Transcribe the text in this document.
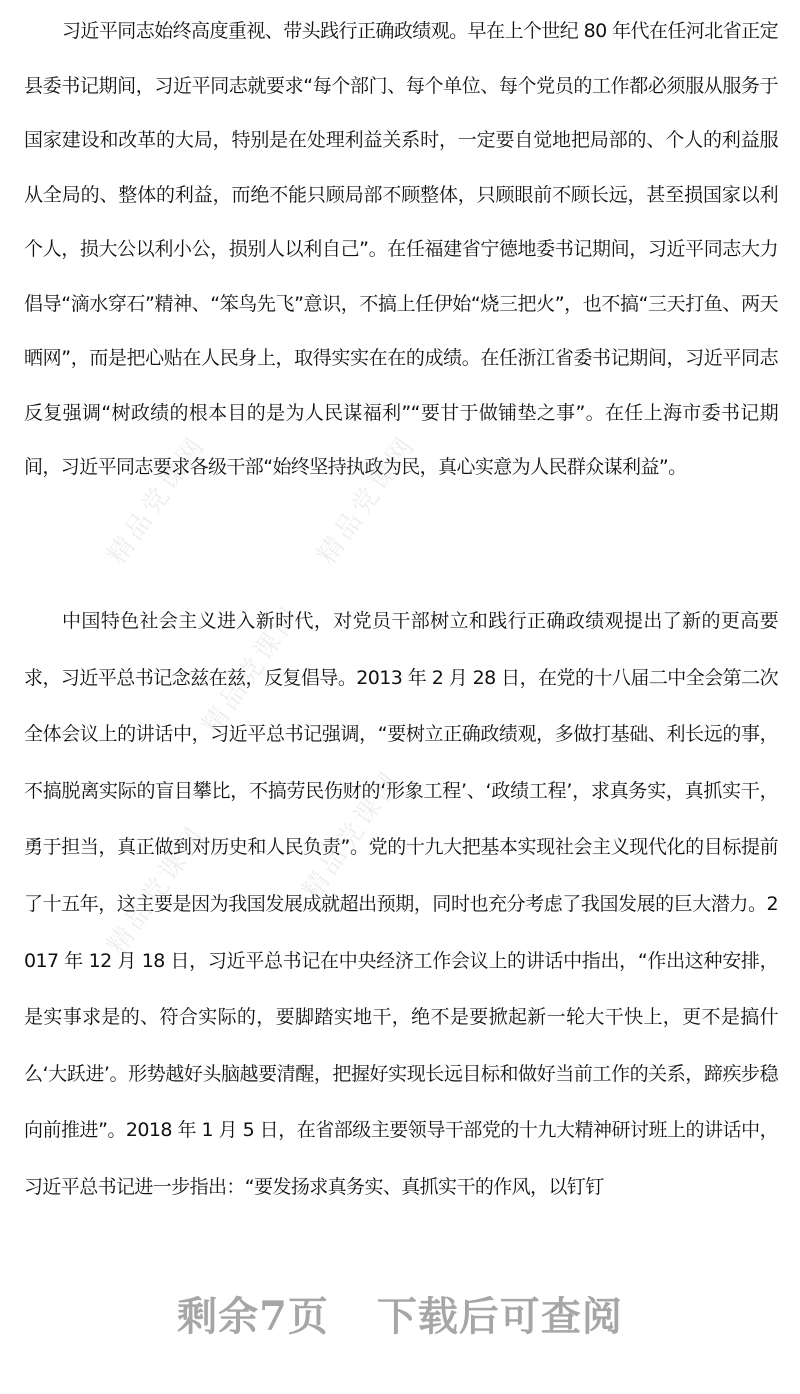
习近平同志始终高度重视、带头践行正确政绩观。早在上个世纪 80 年代在任河北省正定县委书记期间，习近平同志就要求“每个部门、每个单位、每个党员的工作都必须服从服务于国家建设和改革的大局，特别是在处理利益关系时，一定要自觉地把局部的、个人的利益服从全局的、整体的利益，而绝不能只顾局部不顾整体，只顾眼前不顾长远，甚至损国家以利个人，损大公以利小公，损别人以利自己”。在任福建省宁德地委书记期间，习近平同志大力倡导“滴水穿石”精神、“笨鸟先飞”意识，不搞上任伊始“烧三把火”，也不搞“三天打鱼、两天晒网”，而是把心贴在人民身上，取得实实在在的成绩。在任浙江省委书记期间，习近平同志反复强调“树政绩的根本目的是为人民谋福利”“要甘于做铺垫之事”。在任上海市委书记期间，习近平同志要求各级干部“始终坚持执政为民，真心实意为人民群众谋利益”。

中国特色社会主义进入新时代，对党员干部树立和践行正确政绩观提出了新的更高要求，习近平总书记念兹在兹，反复倡导。2013 年 2 月 28 日，在党的十八届二中全会第二次全体会议上的讲话中，习近平总书记强调，“要树立正确政绩观，多做打基础、利长远的事，不搞脱离实际的盲目攀比，不搞劳民伤财的‘形象工程’、‘政绩工程’，求真务实，真抓实干，勇于担当，真正做到对历史和人民负责”。党的十九大把基本实现社会主义现代化的目标提前了十五年，这主要是因为我国发展成就超出预期，同时也充分考虑了我国发展的巨大潜力。2017 年 12 月 18 日，习近平总书记在中央经济工作会议上的讲话中指出，“作出这种安排，是实事求是的、符合实际的，要脚踏实地干，绝不是要掀起新一轮大干快上，更不是搞什么‘大跃进’。形势越好头脑越要清醒，把握好实现长远目标和做好当前工作的关系，蹄疾步稳向前推进”。2018 年 1 月 5 日，在省部级主要领导干部党的十九大精神研讨班上的讲话中，习近平总书记进一步指出：“要发扬求真务实、真抓实干的作风，以钉钉

精品党课网	精品党课网
精品党课网
精品党课网
精品党课网
剩余7页 下载后可查阅
